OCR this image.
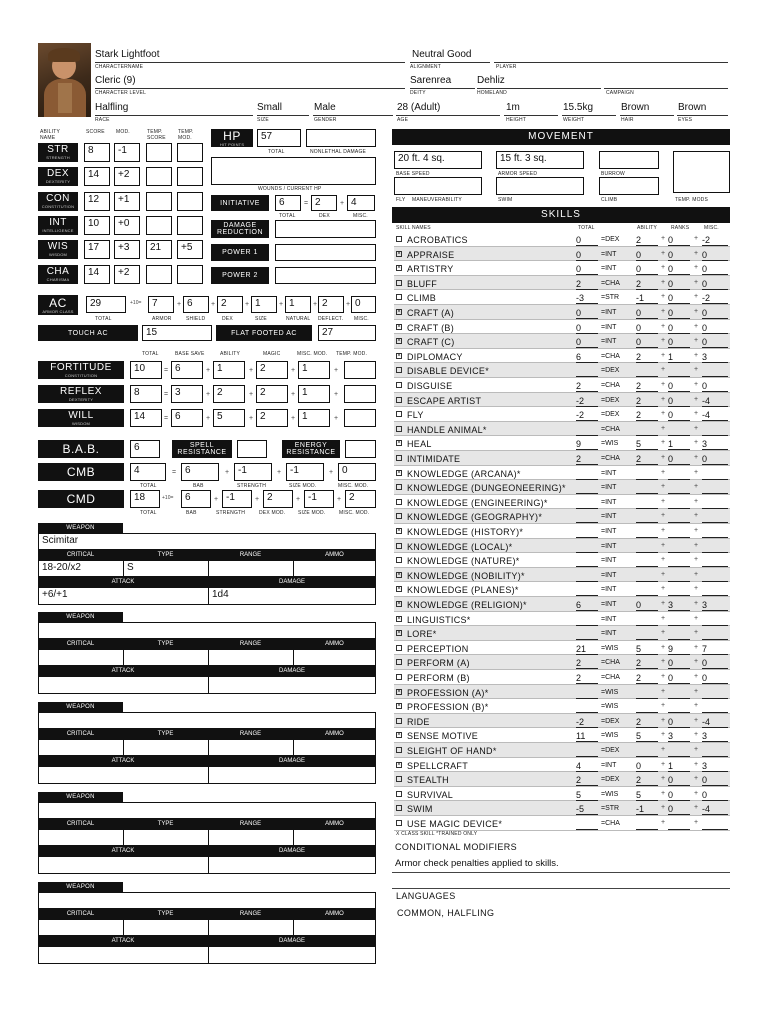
Stark Lightfoot
CHARACTERNAME
Neutral Good
ALIGNMENT	PLAYER
Cleric (9)
CHARACTER LEVEL
Sarenrea
DEITY
Dehliz
HOMELAND	CAMPAIGN
Halfling
RACE
Small
SIZE
Male
GENDER
28 (Adult)
AGE
1m
HEIGHT
15.5kg
WEIGHT
Brown
HAIR
Brown
EYES
ABILITY NAME
SCORE MOD.	TEMP. SCORE
TEMP. MOD.
STR
STRENGTH
8	-1
DEX
DEXTERITY
14	+2
CON
CONSTITUTION
12	+1
INT
INTELLIGENCE
10	+0
WIS
WISDOM
17	+3	21	+5
CHA
CHARISMA
14	+2
HP
HIT POINTS
57
TOTAL	NONLETHAL DAMAGE
WOUNDS / CURRENT HP
INITIATIVE	6	= 2	+ 4
TOTAL	DEX	MISC.
DAMAGE REDUCTION
POWER 1
POWER 2
AC
ARMOR CLASS
29	+10=	7	+ 6	+ 2	+ 1	+ 1	+ 2	+ 0
TOTAL	ARMOR	SHIELD	DEX	SIZE	NATURAL DEFLECT. MISC.
TOUCH AC	15	FLAT FOOTED AC	27
TOTAL	BASE SAVE	ABILITY	MAGIC	MISC. MOD. TEMP. MOD.
FORTITUDE
CONSTITUTION
10	= 6	+ 1	+ 2	+ 1	+
REFLEX
DEXTERITY
8	= 3	+ 2	+ 2	+ 1	+
WILL
WISDOM
14	= 6	+ 5	+ 2	+ 1	+
B.A.B.	6	SPELL RESISTANCE
ENERGY RESISTANCE
CMB	4	= 6	+ -1	+ -1	+ 0
TOTAL	BAB	STRENGTH	SIZE MOD.	MISC. MOD.
CMD	18	+10=	6	+ -1	+ 2	+ -1	+ 2
TOTAL	BAB	STRENGTH	DEX MOD.	SIZE MOD.	MISC. MOD.
WEAPON
Scimitar
CRITICAL	TYPE	RANGE	AMMO
18-20/x2	S
ATTACK	DAMAGE
+6/+1	1d4
WEAPON
CRITICAL	TYPE	RANGE	AMMO
ATTACK	DAMAGE
WEAPON
CRITICAL	TYPE	RANGE	AMMO
ATTACK	DAMAGE
WEAPON
CRITICAL	TYPE	RANGE	AMMO
ATTACK	DAMAGE
WEAPON
CRITICAL	TYPE	RANGE	AMMO
ATTACK	DAMAGE
MOVEMENT
20 ft. 4 sq.	15 ft. 3 sq.
BASE SPEED	ARMOR SPEED	BURROW
FLY MANEUVERABILITY	SWIM	CLIMB	TEMP. MODS
SKILLS
SKILL NAMES	TOTAL	ABILITY	RANKS	MISC.
ACROBATICS	0	=DEX 2	+ 0	+ -2
× APPRAISE	0	=INT 0	+ 0	+ 0
× ARTISTRY	0	=INT 0	+ 0	+ 0
BLUFF	2	=CHA 2	+ 0	+ 0
CLIMB	-3	=STR -1	+ 0	+ -2
× CRAFT (A)	0	=INT 0	+ 0	+ 0
× CRAFT (B)	0	=INT 0	+ 0	+ 0
× CRAFT (C)	0	=INT 0	+ 0	+ 0
× DIPLOMACY	6	=CHA 2	+ 1	+ 3
DISABLE DEVICE*	=DEX	+	+
DISGUISE	2	=CHA 2	+ 0	+ 0
ESCAPE ARTIST	-2	=DEX 2	+ 0	+ -4
FLY	-2	=DEX 2	+ 0	+ -4
HANDLE ANIMAL*	=CHA	+	+
× HEAL	9	=WIS 5	+ 1	+ 3
INTIMIDATE	2	=CHA 2	+ 0	+ 0
× KNOWLEDGE (ARCANA)*	=INT	+	+
KNOWLEDGE (DUNGEONEERING)*	=INT	+	+
KNOWLEDGE (ENGINEERING)*	=INT	+	+
KNOWLEDGE (GEOGRAPHY)*	=INT	+	+
× KNOWLEDGE (HISTORY)*	=INT	+	+
KNOWLEDGE (LOCAL)*	=INT	+	+
KNOWLEDGE (NATURE)*	=INT	+	+
× KNOWLEDGE (NOBILITY)*	=INT	+	+
× KNOWLEDGE (PLANES)*	=INT	+	+
× KNOWLEDGE (RELIGION)*	6	=INT 0	+ 3	+ 3
× LINGUISTICS*	=INT	+	+
× LORE*	=INT	+	+
PERCEPTION	21	=WIS 5	+ 9	+ 7
PERFORM (A)	2	=CHA 2	+ 0	+ 0
PERFORM (B)	2	=CHA 2	+ 0	+ 0
× PROFESSION (A)*	=WIS	+	+
× PROFESSION (B)*	=WIS	+	+
RIDE	-2	=DEX 2	+ 0	+ -4
× SENSE MOTIVE	11	=WIS 5	+ 3	+ 3
SLEIGHT OF HAND*	=DEX	+	+
× SPELLCRAFT	4	=INT 0	+ 1	+ 3
STEALTH	2	=DEX 2	+ 0	+ 0
SURVIVAL	5	=WIS 5	+ 0	+ 0
SWIM	-5	=STR -1	+ 0	+ -4
USE MAGIC DEVICE*	=CHA	+	+
X CLASS SKILL *TRAINED ONLY
CONDITIONAL MODIFIERS
Armor check penalties applied to skills.
LANGUAGES
COMMON, HALFLING
